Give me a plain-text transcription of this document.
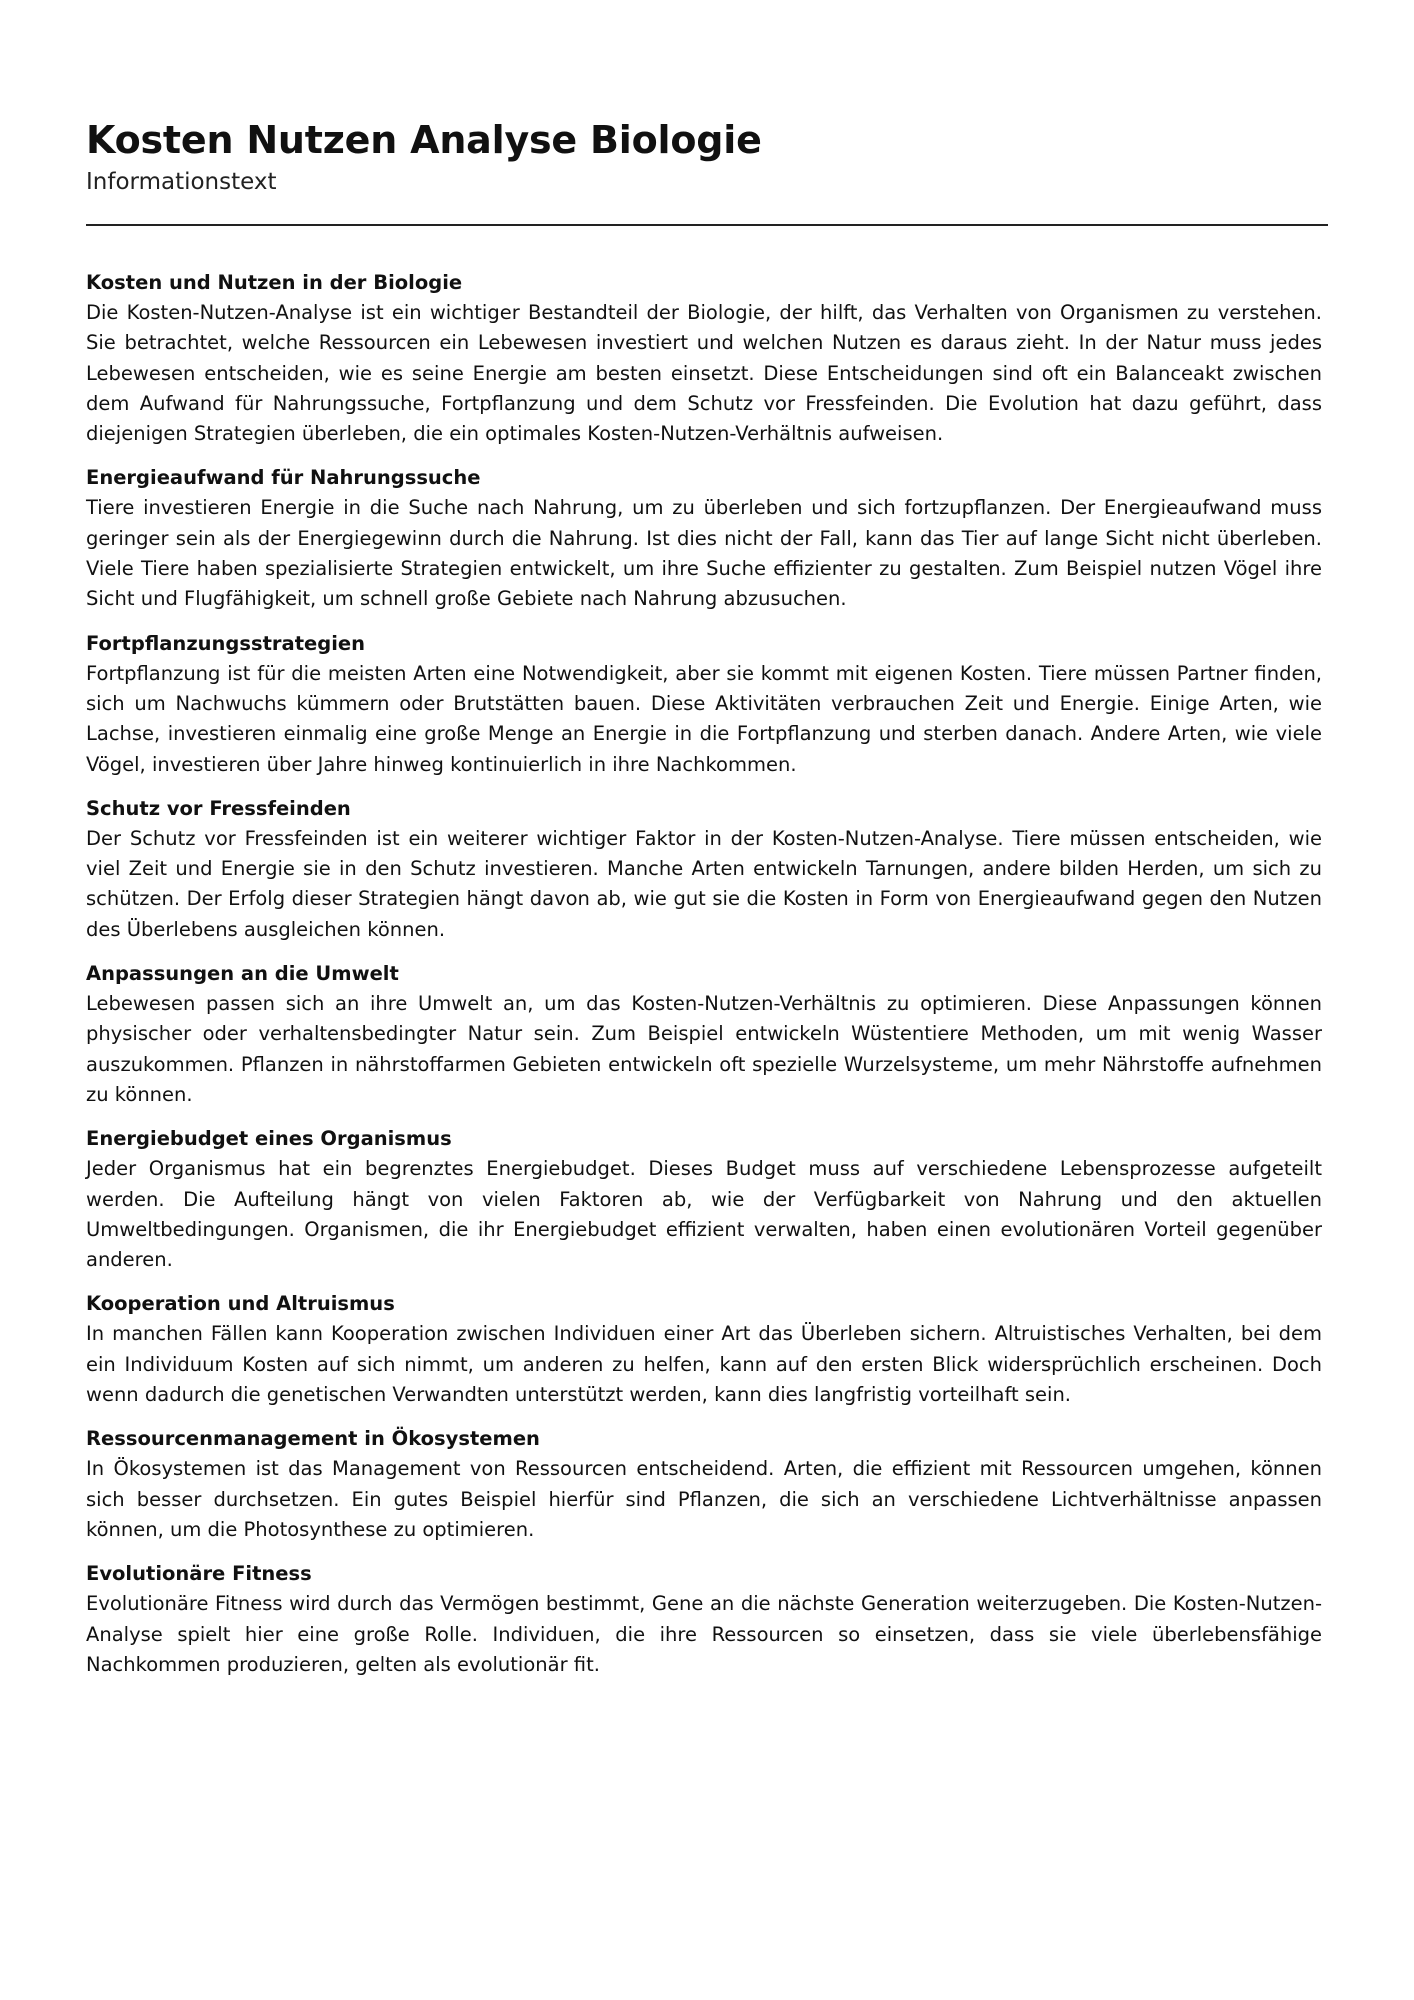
Kosten Nutzen Analyse Biologie
Informationstext
Kosten und Nutzen in der Biologie

Die Kosten-Nutzen-Analyse ist ein wichtiger Bestandteil der Biologie, der hilft, das Verhalten von Organismen zu verstehen. Sie betrachtet, welche Ressourcen ein Lebewesen investiert und welchen Nutzen es daraus zieht. In der Natur muss jedes Lebewesen entscheiden, wie es seine Energie am besten einsetzt. Diese Entscheidungen sind oft ein Balanceakt zwischen dem Aufwand für Nahrungssuche, Fortpflanzung und dem Schutz vor Fressfeinden. Die Evolution hat dazu geführt, dass diejenigen Strategien überleben, die ein optimales Kosten-Nutzen-Verhältnis aufweisen.

Energieaufwand für Nahrungssuche

Tiere investieren Energie in die Suche nach Nahrung, um zu überleben und sich fortzupflanzen. Der Energieaufwand muss geringer sein als der Energiegewinn durch die Nahrung. Ist dies nicht der Fall, kann das Tier auf lange Sicht nicht überleben. Viele Tiere haben spezialisierte Strategien entwickelt, um ihre Suche effizienter zu gestalten. Zum Beispiel nutzen Vögel ihre Sicht und Flugfähigkeit, um schnell große Gebiete nach Nahrung abzusuchen.

Fortpflanzungsstrategien

Fortpflanzung ist für die meisten Arten eine Notwendigkeit, aber sie kommt mit eigenen Kosten. Tiere müssen Partner finden, sich um Nachwuchs kümmern oder Brutstätten bauen. Diese Aktivitäten verbrauchen Zeit und Energie. Einige Arten, wie Lachse, investieren einmalig eine große Menge an Energie in die Fortpflanzung und sterben danach. Andere Arten, wie viele Vögel, investieren über Jahre hinweg kontinuierlich in ihre Nachkommen.

Schutz vor Fressfeinden

Der Schutz vor Fressfeinden ist ein weiterer wichtiger Faktor in der Kosten-Nutzen-Analyse. Tiere müssen entscheiden, wie viel Zeit und Energie sie in den Schutz investieren. Manche Arten entwickeln Tarnungen, andere bilden Herden, um sich zu schützen. Der Erfolg dieser Strategien hängt davon ab, wie gut sie die Kosten in Form von Energieaufwand gegen den Nutzen des Überlebens ausgleichen können.

Anpassungen an die Umwelt

Lebewesen passen sich an ihre Umwelt an, um das Kosten-Nutzen-Verhältnis zu optimieren. Diese Anpassungen können physischer oder verhaltensbedingter Natur sein. Zum Beispiel entwickeln Wüstentiere Methoden, um mit wenig Wasser auszukommen. Pflanzen in nährstoffarmen Gebieten entwickeln oft spezielle Wurzelsysteme, um mehr Nährstoffe aufnehmen zu können.

Energiebudget eines Organismus

Jeder Organismus hat ein begrenztes Energiebudget. Dieses Budget muss auf verschiedene Lebensprozesse aufgeteilt werden. Die Aufteilung hängt von vielen Faktoren ab, wie der Verfügbarkeit von Nahrung und den aktuellen Umweltbedingungen. Organismen, die ihr Energiebudget effizient verwalten, haben einen evolutionären Vorteil gegenüber anderen.

Kooperation und Altruismus

In manchen Fällen kann Kooperation zwischen Individuen einer Art das Überleben sichern. Altruistisches Verhalten, bei dem ein Individuum Kosten auf sich nimmt, um anderen zu helfen, kann auf den ersten Blick widersprüchlich erscheinen. Doch wenn dadurch die genetischen Verwandten unterstützt werden, kann dies langfristig vorteilhaft sein.

Ressourcenmanagement in Ökosystemen

In Ökosystemen ist das Management von Ressourcen entscheidend. Arten, die effizient mit Ressourcen umgehen, können sich besser durchsetzen. Ein gutes Beispiel hierfür sind Pflanzen, die sich an verschiedene Lichtverhältnisse anpassen können, um die Photosynthese zu optimieren.

Evolutionäre Fitness

Evolutionäre Fitness wird durch das Vermögen bestimmt, Gene an die nächste Generation weiterzugeben. Die Kosten-Nutzen-Analyse spielt hier eine große Rolle. Individuen, die ihre Ressourcen so einsetzen, dass sie viele überlebensfähige Nachkommen produzieren, gelten als evolutionär fit.
